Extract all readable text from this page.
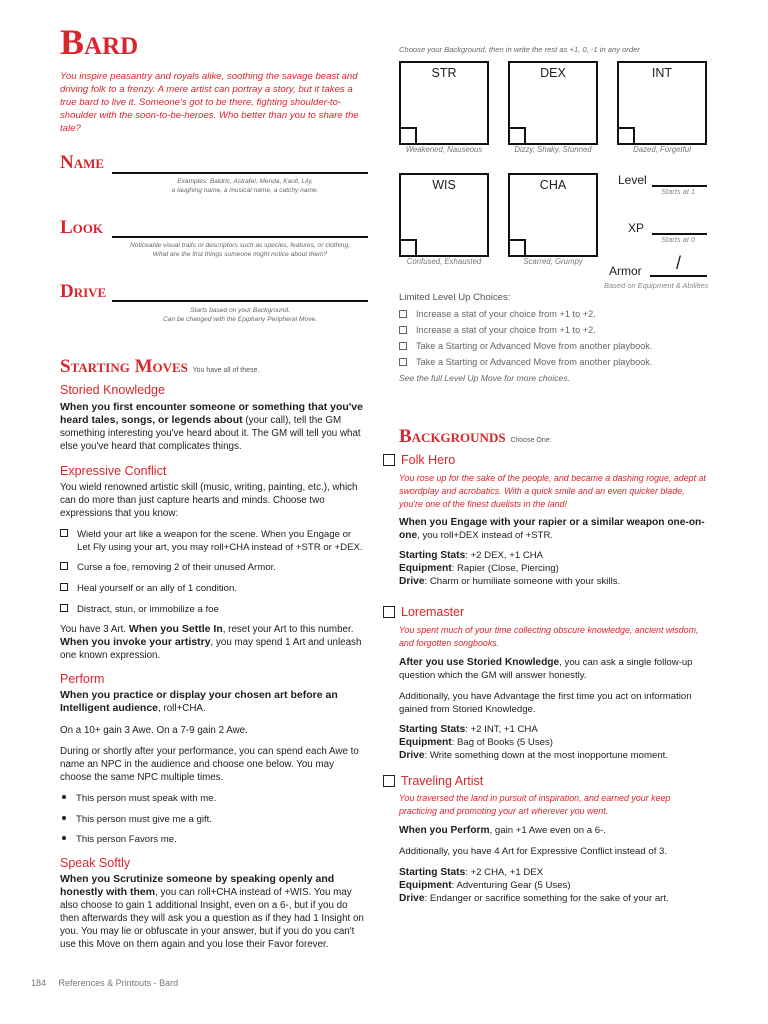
Bard
You inspire peasantry and royals alike, soothing the savage beast and driving folk to a frenzy. A mere artist can portray a story, but it takes a true bard to live it. Someone's got to be there, fighting shoulder-to-shoulder with the soon-to-be-heroes. Who better than you to share the tale?
Name
Examples: Baldric, Astrafel, Merida, Kaoli, Lily,
a laughing name, a musical name, a catchy name.
Look
Noticeable visual traits or descriptors such as species, features, or clothing.
What are the first things someone might notice about them?
Drive
Starts based on your Background.
Can be changed with the Epiphany Peripheral Move.
Starting Moves You have all of these.
Storied Knowledge
When you first encounter someone or something that you've heard tales, songs, or legends about (your call), tell the GM something interesting you've heard about it. The GM will tell you what else you've heard that complicates things.
Expressive Conflict
You wield renowned artistic skill (music, writing, painting, etc.), which can do more than just capture hearts and minds. Choose two expressions that you know:
Wield your art like a weapon for the scene. When you Engage or
Let Fly using your art, you may roll+CHA instead of +STR or +DEX.
Curse a foe, removing 2 of their unused Armor.
Heal yourself or an ally of 1 condition.
Distract, stun, or immobilize a foe
You have 3 Art. When you Settle In, reset your Art to this number. When you invoke your artistry, you may spend 1 Art and unleash one known expression.
Perform
When you practice or display your chosen art before an Intelligent audience, roll+CHA.
On a 10+ gain 3 Awe. On a 7-9 gain 2 Awe.
During or shortly after your performance, you can spend each Awe to name an NPC in the audience and choose one below. You may choose the same NPC multiple times.
This person must speak with me.
This person must give me a gift.
This person Favors me.
Speak Softly
When you Scrutinize someone by speaking openly and honestly with them, you can roll+CHA instead of +WIS. You may also choose to gain 1 additional Insight, even on a 6-, but if you do then afterwards they will ask you a question as if they had 1 Insight on you. You may lie or obfuscate in your answer, but if you do you can't use this Move on them again and you lose their Favor forever.
Choose your Background, then in write the rest as +1, 0, -1 in any order
STR
Weakened, Nauseous
DEX
Dizzy, Shaky, Stunned
INT
Dazed, Forgetful
WIS
Confused, Exhausted
CHA
Scarred, Grumpy
Level
Starts at 1
XP
Starts at 0
Armor /
Based on Equipment & Abilities
Limited Level Up Choices:
Increase a stat of your choice from +1 to +2.
Increase a stat of your choice from +1 to +2.
Take a Starting or Advanced Move from another playbook.
Take a Starting or Advanced Move from another playbook.
See the full Level Up Move for more choices.
Backgrounds Choose One:
Folk Hero
You rose up for the sake of the people, and became a dashing rogue, adept at swordplay and acrobatics. With a quick smile and an even quicker blade, you're one of the finest duelists in the land!
When you Engage with your rapier or a similar weapon one-on-one, you roll+DEX instead of +STR.
Starting Stats: +2 DEX, +1 CHA
Equipment: Rapier (Close, Piercing)
Drive: Charm or humiliate someone with your skills.
Loremaster
You spent much of your time collecting obscure knowledge, ancient wisdom, and forgotten songbooks.
After you use Storied Knowledge, you can ask a single follow-up question which the GM will answer honestly.
Additionally, you have Advantage the first time you act on information gained from Storied Knowledge.
Starting Stats: +2 INT, +1 CHA
Equipment: Bag of Books (5 Uses)
Drive: Write something down at the most inopportune moment.
Traveling Artist
You traversed the land in pursuit of inspiration, and earned your keep practicing and promoting your art wherever you went.
When you Perform, gain +1 Awe even on a 6-.
Additionally, you have 4 Art for Expressive Conflict instead of 3.
Starting Stats: +2 CHA, +1 DEX
Equipment: Adventuring Gear (5 Uses)
Drive: Endanger or sacrifice something for the sake of your art.
184 References & Printouts - Bard
